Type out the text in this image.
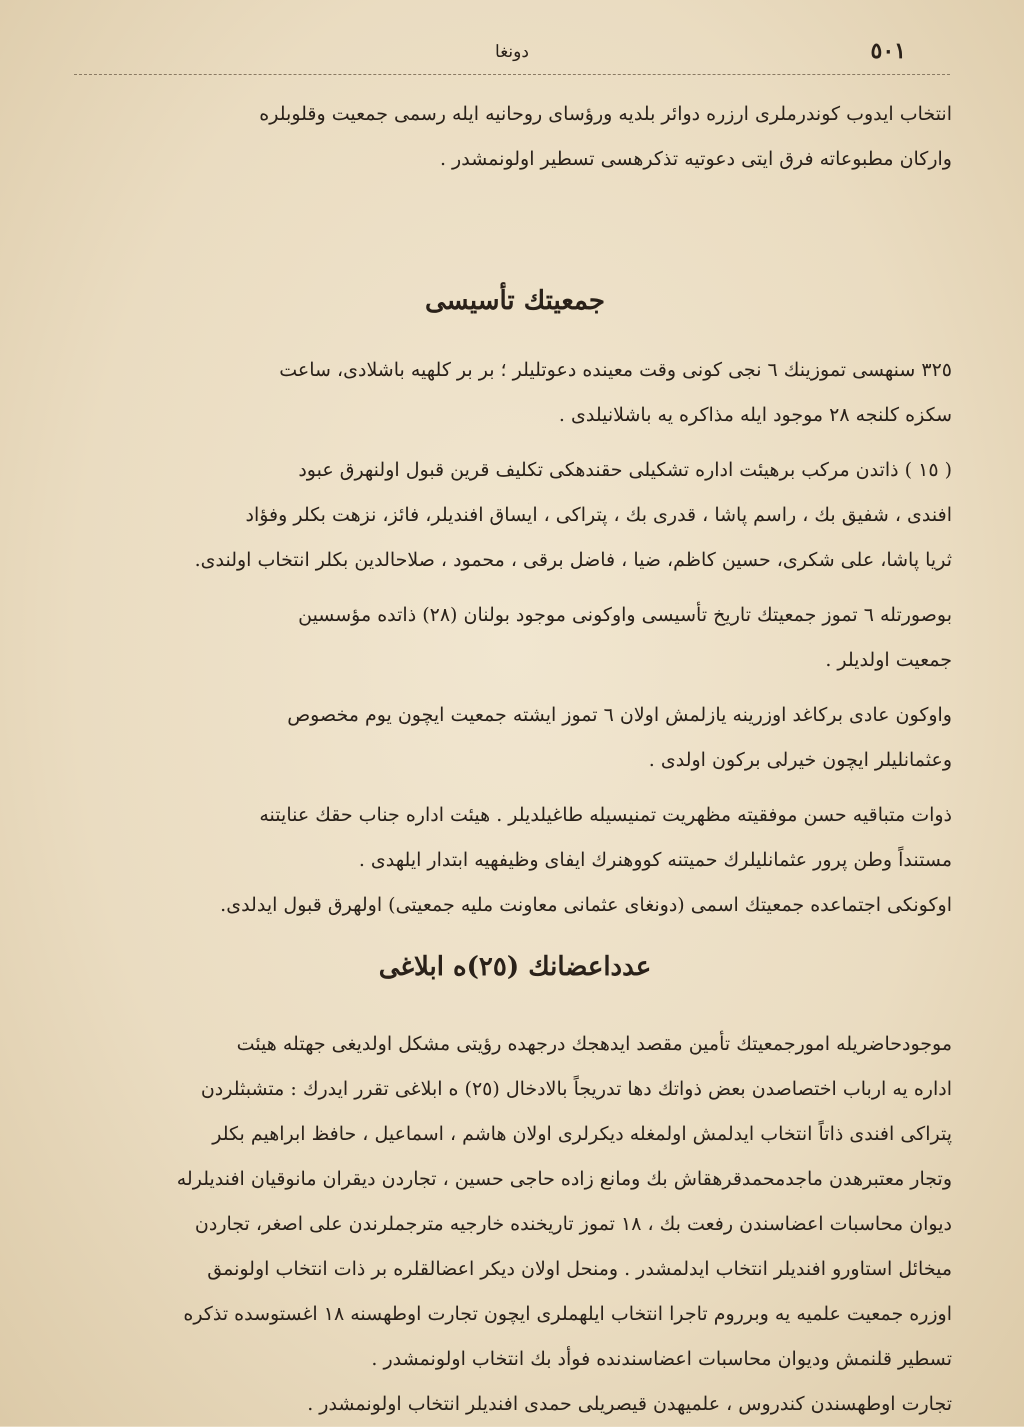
دونغا	٥٠١

انتخاب ایدوب کوندرملری ارزره دوائر بلدیه ورؤسای روحانیه ایله رسمی جمعیت وقلوبلره

وارکان مطبوعاته فرق ایتی دعوتیه تذکرهسی تسطیر اولونمشدر .

جمعیتك تأسیسی

٣٢٥ سنهسی تموزینك ٦ نجی کونی وقت معینده دعوتلیلر ؛ بر بر کلهیه باشلادی، ساعت

سکزه کلنجه ٢٨ موجود ایله مذاکره یه باشلانیلدی .

( ١٥ ) ذاتدن مرکب برهیئت اداره تشکیلی حقندهکی تکلیف قرین قبول اولنهرق عبود

افندی ، شفیق بك ، راسم پاشا ، قدری بك ، پتراکی ، ایساق افندیلر، فائز، نزهت بکلر وفؤاد

ثریا پاشا، علی شکری، حسین کاظم، ضیا ، فاضل برقی ، محمود ، صلاحالدین بکلر انتخاب اولندی.

بوصورتله ٦ تموز جمعیتك تاریخ تأسیسی واوکونی موجود بولنان (٢٨) ذاتده مؤسسین

جمعیت اولدیلر .

واوکون عادی برکاغد اوزرینه یازلمش اولان ٦ تموز ایشته جمعیت ایچون یوم مخصوص

وعثمانلیلر ایچون خیرلی برکون اولدی .

ذوات متباقیه حسن موفقیته مظهریت تمنیسیله طاغیلدیلر . هیئت اداره جناب حقك عنایتنه

مستنداً وطن پرور عثمانلیلرك حمیتنه کووهنرك ایفای وظیفهیه ابتدار ایلهدی .

اوکونکی اجتماعده جمعیتك اسمی (دونغای عثمانی معاونت ملیه جمعیتی) اولهرق قبول ایدلدی.

عدداعضانك (٢٥)ه ابلاغی

موجودحاضریله امورجمعیتك تأمین مقصد ایدهجك درجهده رؤیتی مشکل اولدیغی جهتله هیئت

اداره یه ارباب اختصاصدن بعض ذواتك دها تدریجاً بالادخال (٢٥) ه ابلاغی تقرر ایدرك : متشبثلردن

پتراکی افندی ذاتاً انتخاب ایدلمش اولمغله دیکرلری اولان هاشم ، اسماعیل ، حافظ ابراهیم بکلر

وتجار معتبرهدن ماجدمحمدقرهقاش بك ومانع زاده حاجی حسین ، تجاردن دیقران مانوقیان افندیلرله

دیوان محاسبات اعضاسندن رفعت بك ، ١٨ تموز تاریخنده خارجیه مترجملرندن علی اصغر، تجاردن

میخائل استاورو افندیلر انتخاب ایدلمشدر . ومنحل اولان دیکر اعضالقلره بر ذات انتخاب اولونمق

اوزره جمعیت علمیه یه وبرروم تاجرا انتخاب ایلهملری ایچون تجارت اوطهسنه ١٨ اغستوسده تذکره

تسطیر قلنمش ودیوان محاسبات اعضاسندنده فوأد بك انتخاب اولونمشدر .

تجارت اوطهسندن کندروس ، علمیهدن قیصریلی حمدی افندیلر انتخاب اولونمشدر .
